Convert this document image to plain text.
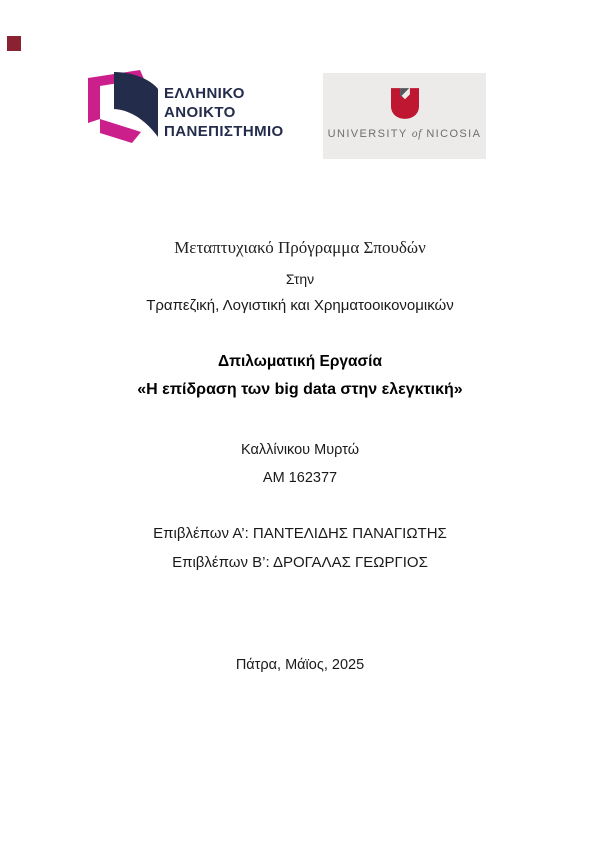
ΕΛΛΗΝΙΚΟ
ΑΝΟΙΚΤΟ
ΠΑΝΕΠΙΣΤΗΜΙΟ	UNIVERSITY of NICOSIA
Μεταπτυχιακό Πρόγραμμα Σπουδών
Στην
Τραπεζική, Λογιστική και Χρηματοοικονομικών
Δπιλωματική Εργασία
«Η επίδραση των big data στην ελεγκτική»
Καλλίνικου Μυρτώ
ΑΜ 162377
Επιβλέπων Α’: ΠΑΝΤΕΛΙΔΗΣ ΠΑΝΑΓΙΩΤΗΣ
Επιβλέπων Β’: ΔΡΟΓΑΛΑΣ ΓΕΩΡΓΙΟΣ
Πάτρα, Μάϊος, 2025
